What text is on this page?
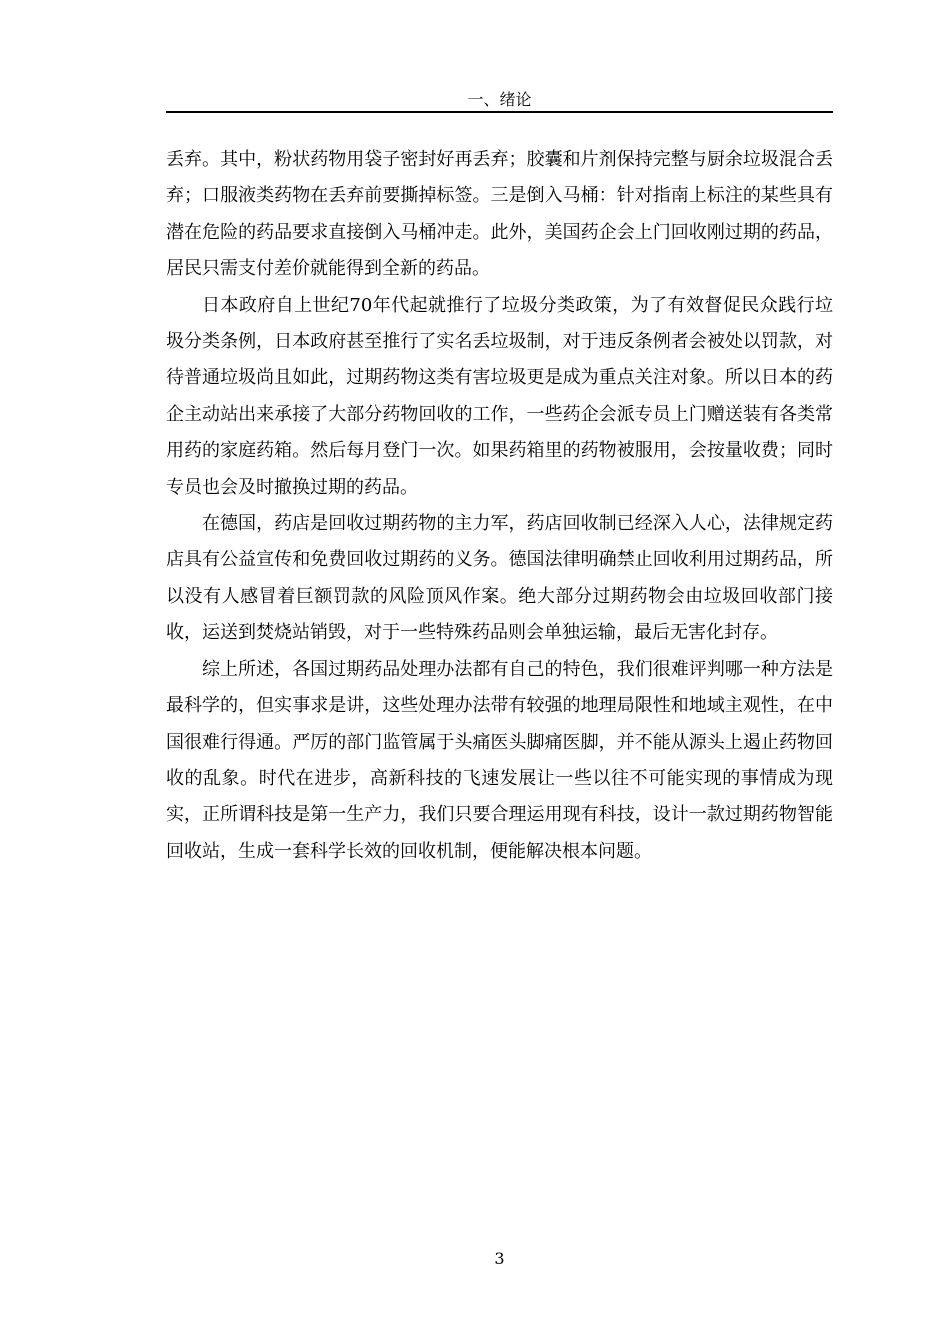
一、绪论

丢弃。其中，粉状药物用袋子密封好再丢弃；胶囊和片剂保持完整与厨余垃圾混合丢弃；口服液类药物在丢弃前要撕掉标签。三是倒入马桶：针对指南上标注的某些具有潜在危险的药品要求直接倒入马桶冲走。此外，美国药企会上门回收刚过期的药品，居民只需支付差价就能得到全新的药品。

日本政府自上世纪70年代起就推行了垃圾分类政策，为了有效督促民众践行垃圾分类条例，日本政府甚至推行了实名丢垃圾制，对于违反条例者会被处以罚款，对待普通垃圾尚且如此，过期药物这类有害垃圾更是成为重点关注对象。所以日本的药企主动站出来承接了大部分药物回收的工作，一些药企会派专员上门赠送装有各类常用药的家庭药箱。然后每月登门一次。如果药箱里的药物被服用，会按量收费；同时专员也会及时撤换过期的药品。

在德国，药店是回收过期药物的主力军，药店回收制已经深入人心，法律规定药店具有公益宣传和免费回收过期药的义务。德国法律明确禁止回收利用过期药品，所以没有人感冒着巨额罚款的风险顶风作案。绝大部分过期药物会由垃圾回收部门接收，运送到焚烧站销毁，对于一些特殊药品则会单独运输，最后无害化封存。

综上所述，各国过期药品处理办法都有自己的特色，我们很难评判哪一种方法是最科学的，但实事求是讲，这些处理办法带有较强的地理局限性和地域主观性，在中国很难行得通。严厉的部门监管属于头痛医头脚痛医脚，并不能从源头上遏止药物回收的乱象。时代在进步，高新科技的飞速发展让一些以往不可能实现的事情成为现实，正所谓科技是第一生产力，我们只要合理运用现有科技，设计一款过期药物智能回收站，生成一套科学长效的回收机制，便能解决根本问题。

3
